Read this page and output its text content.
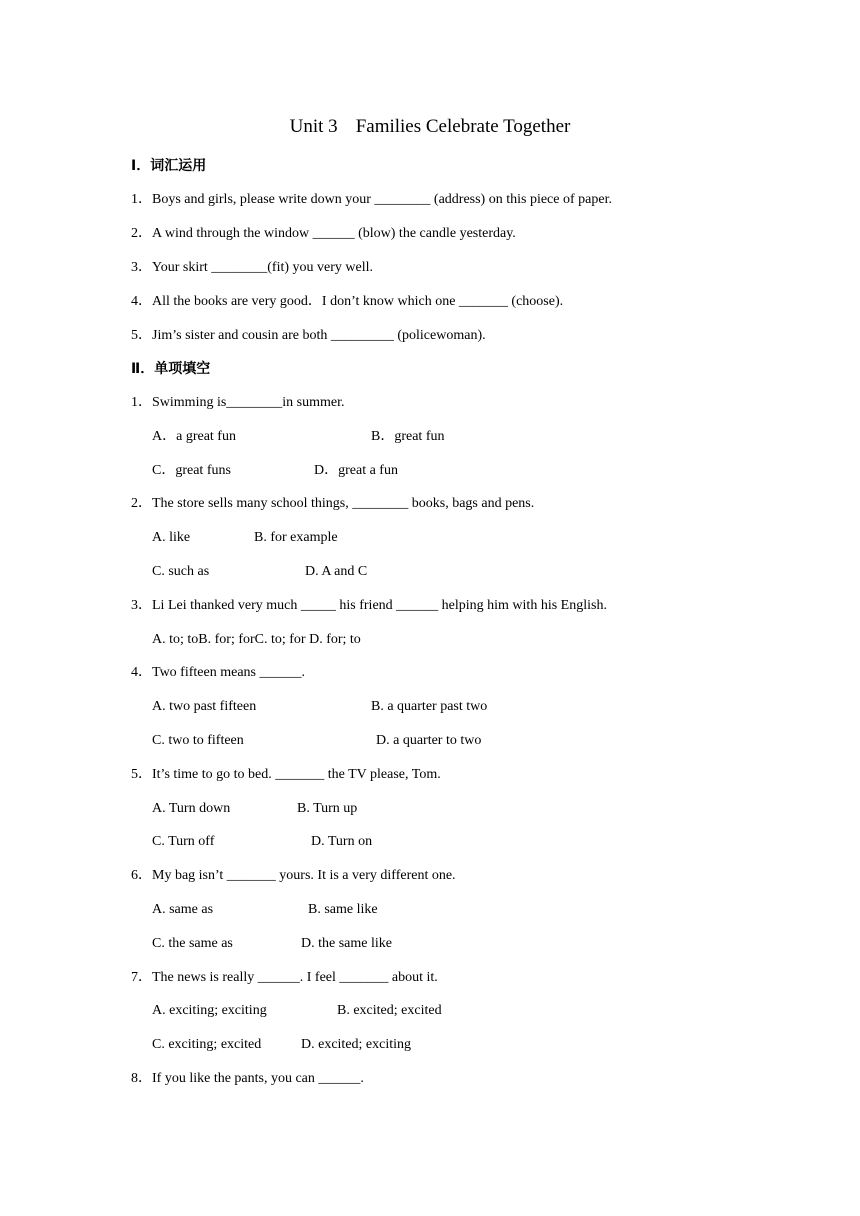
Unit 3 Families Celebrate Together
Ⅰ．词汇运用
1．Boys and girls, please write down your ________ (address) on this piece of paper.
2．A wind through the window ______ (blow) the candle yesterday.
3．Your skirt ________(fit) you very well.
4．All the books are very good．I don’t know which one _______ (choose).
5．Jim’s sister and cousin are both _________ (policewoman).
Ⅱ．单项填空
1．Swimming is________in summer.
A．a great fun	B．great fun
C．great funs	D．great a fun
2．The store sells many school things, ________ books, bags and pens.
A. like	B. for example
C. such as	D. A and C
3．Li Lei thanked very much _____ his friend ______ helping him with his English.
A. to; toB. for; forC. to; for D. for; to
4．Two fifteen means ______.
A. two past fifteen	B. a quarter past two
C. two to fifteen	D. a quarter to two
5．It’s time to go to bed. _______ the TV please, Tom.
A. Turn down	B. Turn up
C. Turn off	D. Turn on
6．My bag isn’t _______ yours. It is a very different one.
A. same as	B. same like
C. the same as	D. the same like
7．The news is really ______. I feel _______ about it.
A. exciting; exciting	B. excited; excited
C. exciting; excited	D. excited; exciting
8．If you like the pants, you can ______.
